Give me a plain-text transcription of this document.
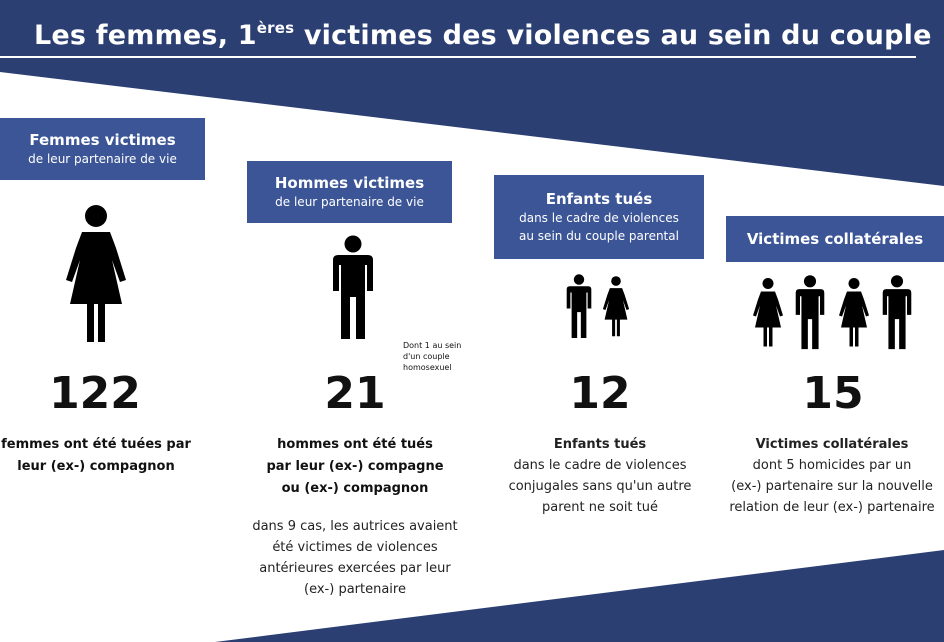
Les femmes, 1ères victimes des violences au sein du couple
Femmes victimes
de leur partenaire de vie
122
femmes ont été tuées par
leur (ex-) compagnon
Hommes victimes
de leur partenaire de vie
Dont 1 au sein
d'un couple
homosexuel
21
hommes ont été tués
par leur (ex-) compagne
ou (ex-) compagnon
dans 9 cas, les autrices avaient
été victimes de violences
antérieures exercées par leur
(ex-) partenaire
Enfants tués
dans le cadre de violences
au sein du couple parental
12
Enfants tués
dans le cadre de violences
conjugales sans qu'un autre
parent ne soit tué
Victimes collatérales
15
Victimes collatérales
dont 5 homicides par un
(ex-) partenaire sur la nouvelle
relation de leur (ex-) partenaire
